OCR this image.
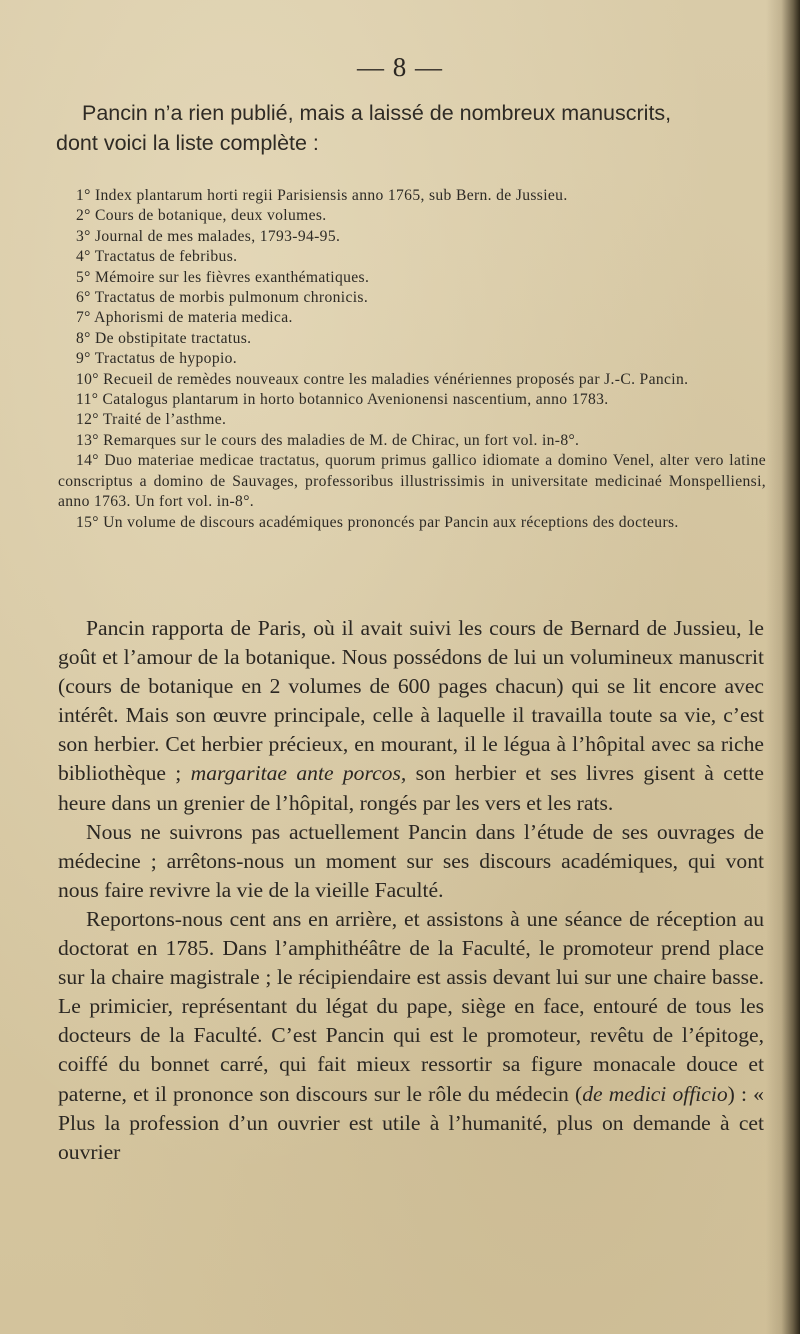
— 8 —
Pancin n’a rien publié, mais a laissé de nombreux manuscrits,
dont voici la liste complète :

1° Index plantarum horti regii Parisiensis anno 1765, sub Bern. de Jussieu.

2° Cours de botanique, deux volumes.

3° Journal de mes malades, 1793-94-95.

4° Tractatus de febribus.

5° Mémoire sur les fièvres exanthématiques.

6° Tractatus de morbis pulmonum chronicis.

7° Aphorismi de materia medica.

8° De obstipitate tractatus.

9° Tractatus de hypopio.

10° Recueil de remèdes nouveaux contre les maladies vénériennes proposés par J.-C. Pancin.

11° Catalogus plantarum in horto botannico Avenionensi nascentium, anno 1783.

12° Traité de l’asthme.

13° Remarques sur le cours des maladies de M. de Chirac, un fort vol. in-8°.

14° Duo materiae medicae tractatus, quorum primus gallico idiomate a domino Venel, alter vero latine conscriptus a domino de Sauvages, professoribus illustrissimis in universitate medicinaé Monspelliensi, anno 1763. Un fort vol. in-8°.

15° Un volume de discours académiques prononcés par Pancin aux réceptions des docteurs.

Pancin rapporta de Paris, où il avait suivi les cours de Bernard de Jussieu, le goût et l’amour de la botanique. Nous possédons de lui un volumineux manuscrit (cours de botanique en 2 volumes de 600 pages chacun) qui se lit encore avec intérêt. Mais son œuvre principale, celle à laquelle il travailla toute sa vie, c’est son herbier. Cet herbier précieux, en mourant, il le légua à l’hôpital avec sa riche bibliothèque ; margaritae ante porcos, son herbier et ses livres gisent à cette heure dans un grenier de l’hôpital, rongés par les vers et les rats.

Nous ne suivrons pas actuellement Pancin dans l’étude de ses ouvrages de médecine ; arrêtons-nous un moment sur ses discours académiques, qui vont nous faire revivre la vie de la vieille Faculté.

Reportons-nous cent ans en arrière, et assistons à une séance de réception au doctorat en 1785. Dans l’amphithéâtre de la Faculté, le promoteur prend place sur la chaire magistrale ; le récipiendaire est assis devant lui sur une chaire basse. Le primicier, représentant du légat du pape, siège en face, entouré de tous les docteurs de la Faculté. C’est Pancin qui est le promoteur, revêtu de l’épitoge, coiffé du bonnet carré, qui fait mieux ressortir sa figure monacale douce et paterne, et il prononce son discours sur le rôle du médecin (de medici officio) : « Plus la profession d’un ouvrier est utile à l’humanité, plus on demande à cet ouvrier
